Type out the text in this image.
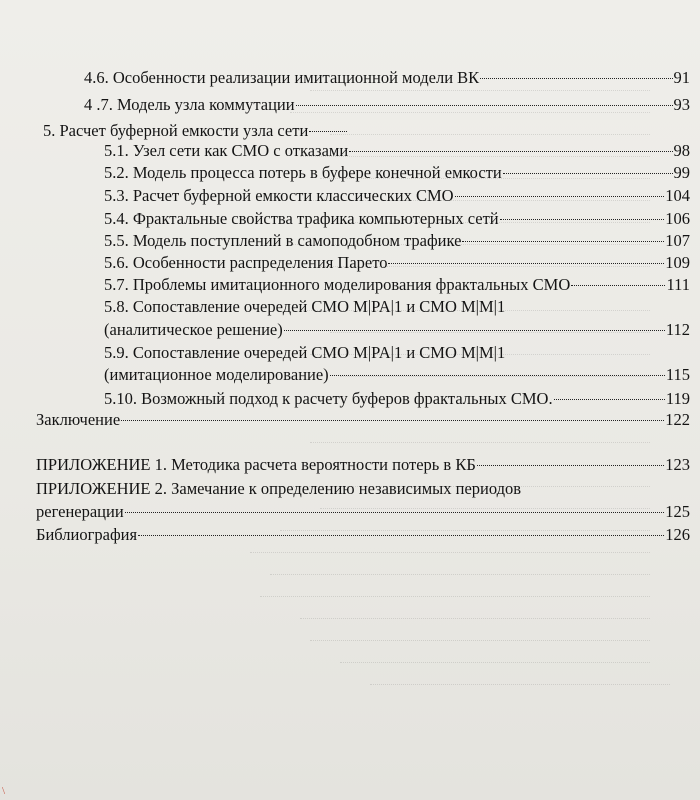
4.6. Особенности реализации имитационной модели ВК	91
4 .7. Модель узла коммутации	93
5. Расчет буферной емкости узла сети
5.1. Узел сети как СМО с отказами	98
5.2. Модель процесса потерь в буфере конечной емкости	99
5.3. Расчет буферной емкости классических СМО	104
5.4. Фрактальные свойства трафика компьютерных сетй	106
5.5. Модель поступлений в самоподобном трафике	107
5.6. Особенности распределения Парето	109
5.7. Проблемы имитационного моделирования фрактальных СМО	111
5.8. Сопоставление очередей СМО М|PA|1 и СМО М|М|1
(аналитическое решение)	112
5.9. Сопоставление очередей СМО М|PA|1 и СМО М|М|1
(имитационное моделирование)	115
5.10. Возможный подход к расчету буферов фрактальных СМО.	119
Заключение	122
ПРИЛОЖЕНИЕ 1. Методика расчета вероятности потерь в КБ	123
ПРИЛОЖЕНИЕ 2. Замечание к определению независимых периодов
регенерации	125
Библиография	126
\
